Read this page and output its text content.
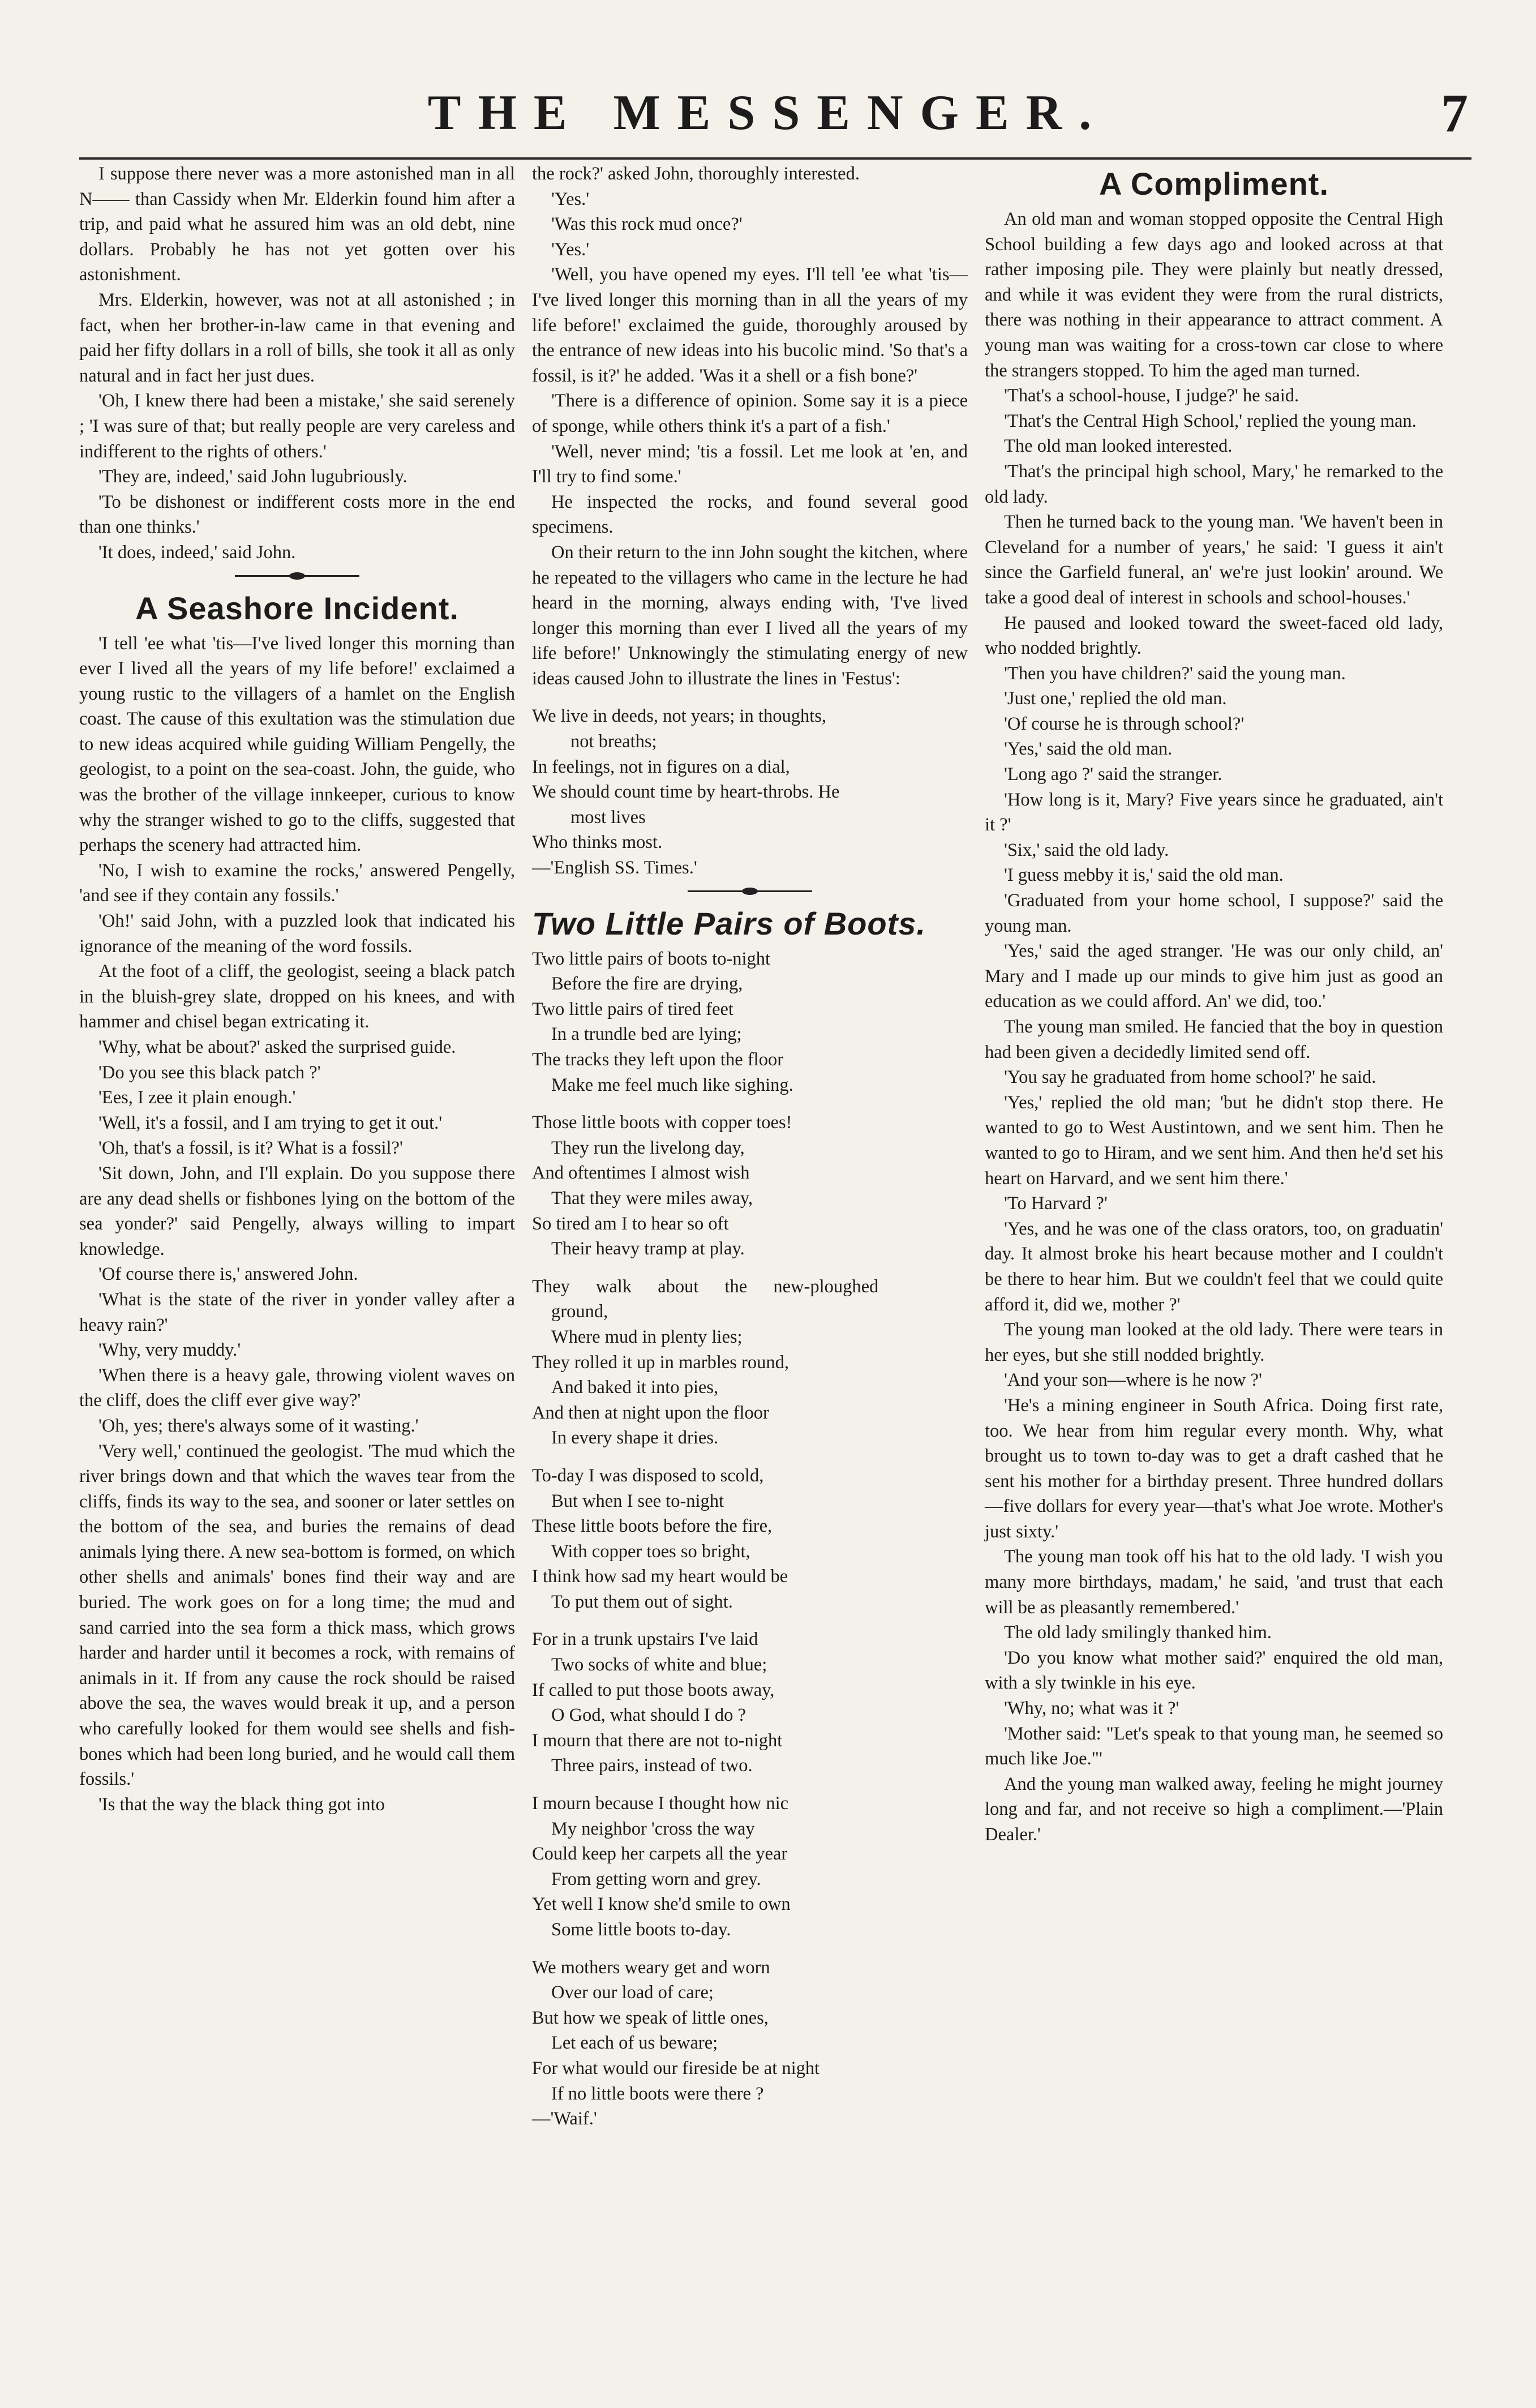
THE MESSENGER.	7

I suppose there never was a more astonished man in all N—— than Cassidy when Mr. Elderkin found him after a trip, and paid what he assured him was an old debt, nine dollars. Probably he has not yet gotten over his astonishment.

Mrs. Elderkin, however, was not at all astonished ; in fact, when her brother-in-law came in that evening and paid her fifty dollars in a roll of bills, she took it all as only natural and in fact her just dues.

'Oh, I knew there had been a mistake,' she said serenely ; 'I was sure of that; but really people are very careless and indifferent to the rights of others.'

'They are, indeed,' said John lugubriously.

'To be dishonest or indifferent costs more in the end than one thinks.'

'It does, indeed,' said John.

A Seashore Incident.

'I tell 'ee what 'tis—I've lived longer this morning than ever I lived all the years of my life before!' exclaimed a young rustic to the villagers of a hamlet on the English coast. The cause of this exultation was the stimulation due to new ideas acquired while guiding William Pengelly, the geologist, to a point on the sea-coast. John, the guide, who was the brother of the village innkeeper, curious to know why the stranger wished to go to the cliffs, suggested that perhaps the scenery had attracted him.

'No, I wish to examine the rocks,' answered Pengelly, 'and see if they contain any fossils.'

'Oh!' said John, with a puzzled look that indicated his ignorance of the meaning of the word fossils.

At the foot of a cliff, the geologist, seeing a black patch in the bluish-grey slate, dropped on his knees, and with hammer and chisel began extricating it.

'Why, what be about?' asked the surprised guide.

'Do you see this black patch ?'

'Ees, I zee it plain enough.'

'Well, it's a fossil, and I am trying to get it out.'

'Oh, that's a fossil, is it? What is a fossil?'

'Sit down, John, and I'll explain. Do you suppose there are any dead shells or fishbones lying on the bottom of the sea yonder?' said Pengelly, always willing to impart knowledge.

'Of course there is,' answered John.

'What is the state of the river in yonder valley after a heavy rain?'

'Why, very muddy.'

'When there is a heavy gale, throwing violent waves on the cliff, does the cliff ever give way?'

'Oh, yes; there's always some of it wasting.'

'Very well,' continued the geologist. 'The mud which the river brings down and that which the waves tear from the cliffs, finds its way to the sea, and sooner or later settles on the bottom of the sea, and buries the remains of dead animals lying there. A new sea-bottom is formed, on which other shells and animals' bones find their way and are buried. The work goes on for a long time; the mud and sand carried into the sea form a thick mass, which grows harder and harder until it becomes a rock, with remains of animals in it. If from any cause the rock should be raised above the sea, the waves would break it up, and a person who carefully looked for them would see shells and fish-bones which had been long buried, and he would call them fossils.'

'Is that the way the black thing got into

the rock?' asked John, thoroughly interested.

'Yes.'

'Was this rock mud once?'

'Yes.'

'Well, you have opened my eyes. I'll tell 'ee what 'tis—I've lived longer this morning than in all the years of my life before!' exclaimed the guide, thoroughly aroused by the entrance of new ideas into his bucolic mind. 'So that's a fossil, is it?' he added. 'Was it a shell or a fish bone?'

'There is a difference of opinion. Some say it is a piece of sponge, while others think it's a part of a fish.'

'Well, never mind; 'tis a fossil. Let me look at 'en, and I'll try to find some.'

He inspected the rocks, and found several good specimens.

On their return to the inn John sought the kitchen, where he repeated to the villagers who came in the lecture he had heard in the morning, always ending with, 'I've lived longer this morning than ever I lived all the years of my life before!' Unknowingly the stimulating energy of new ideas caused John to illustrate the lines in 'Festus':

We live in deeds, not years; in thoughts,
not breaths;
In feelings, not in figures on a dial,
We should count time by heart-throbs. He
most lives
Who thinks most.
—'English SS. Times.'
Two Little Pairs of Boots.
Two little pairs of boots to-night
Before the fire are drying,
Two little pairs of tired feet
In a trundle bed are lying;
The tracks they left upon the floor
Make me feel much like sighing.
Those little boots with copper toes!
They run the livelong day,
And oftentimes I almost wish
That they were miles away,
So tired am I to hear so oft
Their heavy tramp at play.
They walk about the new-ploughed
ground,
Where mud in plenty lies;
They rolled it up in marbles round,
And baked it into pies,
And then at night upon the floor
In every shape it dries.
To-day I was disposed to scold,
But when I see to-night
These little boots before the fire,
With copper toes so bright,
I think how sad my heart would be
To put them out of sight.
For in a trunk upstairs I've laid
Two socks of white and blue;
If called to put those boots away,
O God, what should I do ?
I mourn that there are not to-night
Three pairs, instead of two.
I mourn because I thought how nic
My neighbor 'cross the way
Could keep her carpets all the year
From getting worn and grey.
Yet well I know she'd smile to own
Some little boots to-day.
We mothers weary get and worn
Over our load of care;
But how we speak of little ones,
Let each of us beware;
For what would our fireside be at night
If no little boots were there ?
—'Waif.'
A Compliment.

An old man and woman stopped opposite the Central High School building a few days ago and looked across at that rather imposing pile. They were plainly but neatly dressed, and while it was evident they were from the rural districts, there was nothing in their appearance to attract comment. A young man was waiting for a cross-town car close to where the strangers stopped. To him the aged man turned.

'That's a school-house, I judge?' he said.

'That's the Central High School,' replied the young man.

The old man looked interested.

'That's the principal high school, Mary,' he remarked to the old lady.

Then he turned back to the young man. 'We haven't been in Cleveland for a number of years,' he said: 'I guess it ain't since the Garfield funeral, an' we're just lookin' around. We take a good deal of interest in schools and school-houses.'

He paused and looked toward the sweet-faced old lady, who nodded brightly.

'Then you have children?' said the young man.

'Just one,' replied the old man.

'Of course he is through school?'

'Yes,' said the old man.

'Long ago ?' said the stranger.

'How long is it, Mary? Five years since he graduated, ain't it ?'

'Six,' said the old lady.

'I guess mebby it is,' said the old man.

'Graduated from your home school, I suppose?' said the young man.

'Yes,' said the aged stranger. 'He was our only child, an' Mary and I made up our minds to give him just as good an education as we could afford. An' we did, too.'

The young man smiled. He fancied that the boy in question had been given a decidedly limited send off.

'You say he graduated from home school?' he said.

'Yes,' replied the old man; 'but he didn't stop there. He wanted to go to West Austintown, and we sent him. Then he wanted to go to Hiram, and we sent him. And then he'd set his heart on Harvard, and we sent him there.'

'To Harvard ?'

'Yes, and he was one of the class orators, too, on graduatin' day. It almost broke his heart because mother and I couldn't be there to hear him. But we couldn't feel that we could quite afford it, did we, mother ?'

The young man looked at the old lady. There were tears in her eyes, but she still nodded brightly.

'And your son—where is he now ?'

'He's a mining engineer in South Africa. Doing first rate, too. We hear from him regular every month. Why, what brought us to town to-day was to get a draft cashed that he sent his mother for a birthday present. Three hundred dollars—five dollars for every year—that's what Joe wrote. Mother's just sixty.'

The young man took off his hat to the old lady. 'I wish you many more birthdays, madam,' he said, 'and trust that each will be as pleasantly remembered.'

The old lady smilingly thanked him.

'Do you know what mother said?' enquired the old man, with a sly twinkle in his eye.

'Why, no; what was it ?'

'Mother said: "Let's speak to that young man, he seemed so much like Joe."'

And the young man walked away, feeling he might journey long and far, and not receive so high a compliment.—'Plain Dealer.'
